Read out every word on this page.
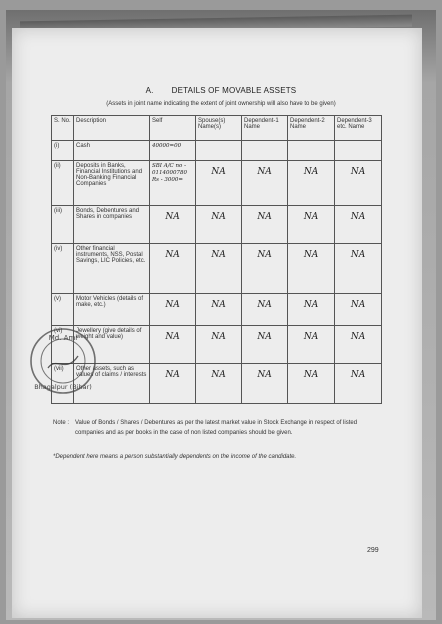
A. DETAILS OF MOVABLE ASSETS
(Assets in joint name indicating the extent of joint ownership will also have to be given)
S. No.	Description	Self	Spouse(s) Name(s)	Dependent-1 Name	Dependent-2 Name	Dependent-3 etc. Name
(i)	Cash	40000=00				
(ii)	Deposits in Banks, Financial Institutions and Non-Banking Financial Companies	SBI A/C no -
0114000780
Rs - 3000=	NA	NA	NA	NA

(iii)	Bonds, Debentures and Shares in companies	NA	NA	NA	NA	NA

(iv)	Other financial instruments, NSS, Postal Savings, LIC Policies, etc.	NA	NA	NA	NA	NA

(v)	Motor Vehicles (details of make, etc.)	NA	NA	NA	NA	NA

(vi)	Jewellery (give details of weight and value)	NA	NA	NA	NA	NA

(vii)	Other assets, such as values of claims / interests	NA	NA	NA	NA	NA
Md. Ami
Bhagalpur (Bihar)
Note : Value of Bonds / Shares / Debentures as per the latest market value in Stock Exchange in respect of listed companies and as per books in the case of non listed companies should be given.
*Dependent here means a person substantially dependents on the income of the candidate.
299
